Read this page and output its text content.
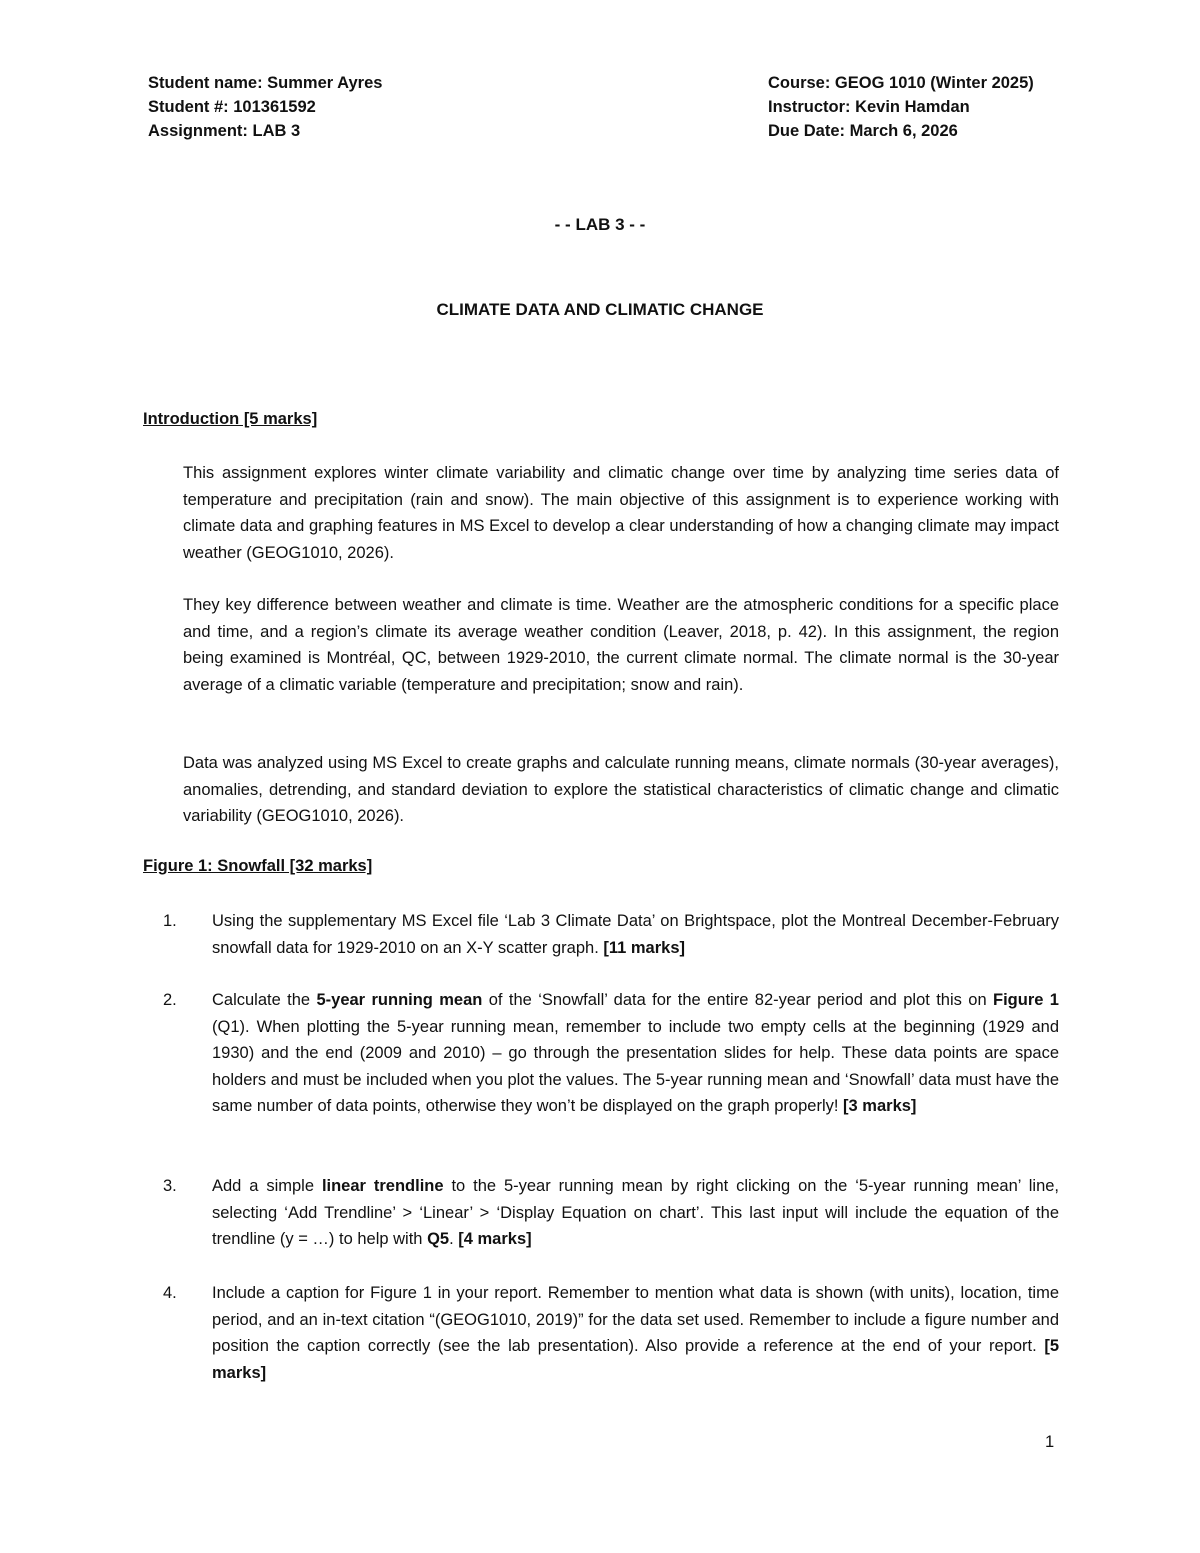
Student name: Summer Ayres
Student #: 101361592
Assignment: LAB 3
Course: GEOG 1010 (Winter 2025)
Instructor: Kevin Hamdan
Due Date: March 6, 2026
- - LAB 3 - -
CLIMATE DATA AND CLIMATIC CHANGE
Introduction [5 marks]

This assignment explores winter climate variability and climatic change over time by analyzing time series data of temperature and precipitation (rain and snow). The main objective of this assignment is to experience working with climate data and graphing features in MS Excel to develop a clear understanding of how a changing climate may impact weather (GEOG1010, 2026).

They key difference between weather and climate is time. Weather are the atmospheric conditions for a specific place and time, and a region’s climate its average weather condition (Leaver, 2018, p. 42). In this assignment, the region being examined is Montréal, QC, between 1929-2010, the current climate normal. The climate normal is the 30-year average of a climatic variable (temperature and precipitation; snow and rain).

Data was analyzed using MS Excel to create graphs and calculate running means, climate normals (30-year averages), anomalies, detrending, and standard deviation to explore the statistical characteristics of climatic change and climatic variability (GEOG1010, 2026).

Figure 1: Snowfall [32 marks]
1.	Using the supplementary MS Excel file ‘Lab 3 Climate Data’ on Brightspace, plot the Montreal December-February snowfall data for 1929-2010 on an X-Y scatter graph. [11 marks]
2.	Calculate the 5-year running mean of the ‘Snowfall’ data for the entire 82-year period and plot this on Figure 1 (Q1). When plotting the 5-year running mean, remember to include two empty cells at the beginning (1929 and 1930) and the end (2009 and 2010) – go through the presentation slides for help. These data points are space holders and must be included when you plot the values. The 5-year running mean and ‘Snowfall’ data must have the same number of data points, otherwise they won’t be displayed on the graph properly! [3 marks]
3.	Add a simple linear trendline to the 5-year running mean by right clicking on the ‘5-year running mean’ line, selecting ‘Add Trendline’ > ‘Linear’ > ‘Display Equation on chart’. This last input will include the equation of the trendline (y = …) to help with Q5. [4 marks]
4.	Include a caption for Figure 1 in your report. Remember to mention what data is shown (with units), location, time period, and an in-text citation “(GEOG1010, 2019)” for the data set used. Remember to include a figure number and position the caption correctly (see the lab presentation). Also provide a reference at the end of your report. [5 marks]
1
